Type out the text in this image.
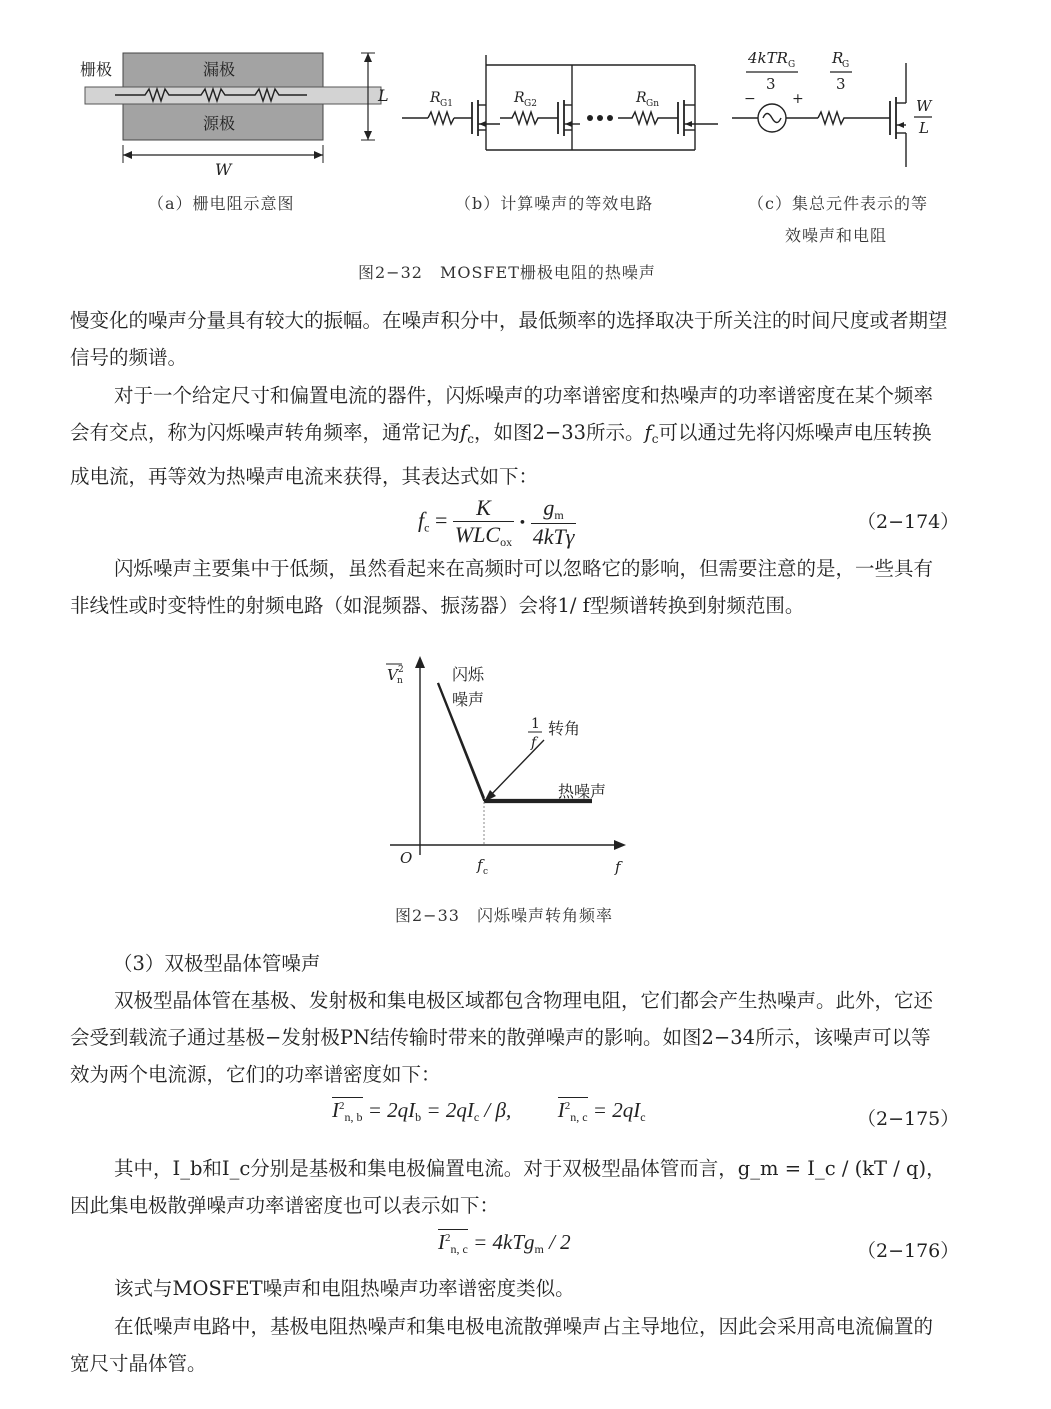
栅极	漏极
源极
L
W
R G1	R G2	R Gn
4kTR G
3
R
G
3
−	+	W
L
（a）栅电阻示意图	（b）计算噪声的等效电路	（c）集总元件表示的等
效噪声和电阻
图2−32　MOSFET栅极电阻的热噪声

慢变化的噪声分量具有较大的振幅。在噪声积分中，最低频率的选择取决于所关注的时间尺度或者期望信号的频谱。

对于一个给定尺寸和偏置电流的器件，闪烁噪声的功率谱密度和热噪声的功率谱密度在某个频率会有交点，称为闪烁噪声转角频率，通常记为$f_c$，如图2−33所示。$f_c$可以通过先将闪烁噪声电压转换成电流，再等效为热噪声电流来获得，其表达式如下：

$f_c = \frac{K}{WLC_{ox}}$ • $\frac{g_m}{\text{4kTγ}}$	（2−174）

闪烁噪声主要集中于低频，虽然看起来在高频时可以忽略它的影响，但需要注意的是，一些具有非线性或时变特性的射频电路（如混频器、振荡器）会将1/ f型频谱转换到射频范围。

V 2
n	闪烁
噪声
1
f
转角
热噪声
O	f c	f
图2−33　闪烁噪声转角频率
（3）双极型晶体管噪声

双极型晶体管在基极、发射极和集电极区域都包含物理电阻，它们都会产生热噪声。此外，它还会受到载流子通过基极−发射极PN结传输时带来的散弹噪声的影响。如图2−34所示，该噪声可以等效为两个电流源，它们的功率谱密度如下：

$I^2_{n, b} = 2qI_b = 2qI_c / \beta$, $I^2_{n, c} = 2qI_c$	（2−175）

其中，I_b和I_c分别是基极和集电极偏置电流。对于双极型晶体管而言，g_m = I_c / (kT / q)，

因此集电极散弹噪声功率谱密度也可以表示如下：

$I^2_{n, c} = 4kTg_m / 2$	（2−176）

该式与MOSFET噪声和电阻热噪声功率谱密度类似。

在低噪声电路中，基极电阻热噪声和集电极电流散弹噪声占主导地位，因此会采用高电流偏置的宽尺寸晶体管。
